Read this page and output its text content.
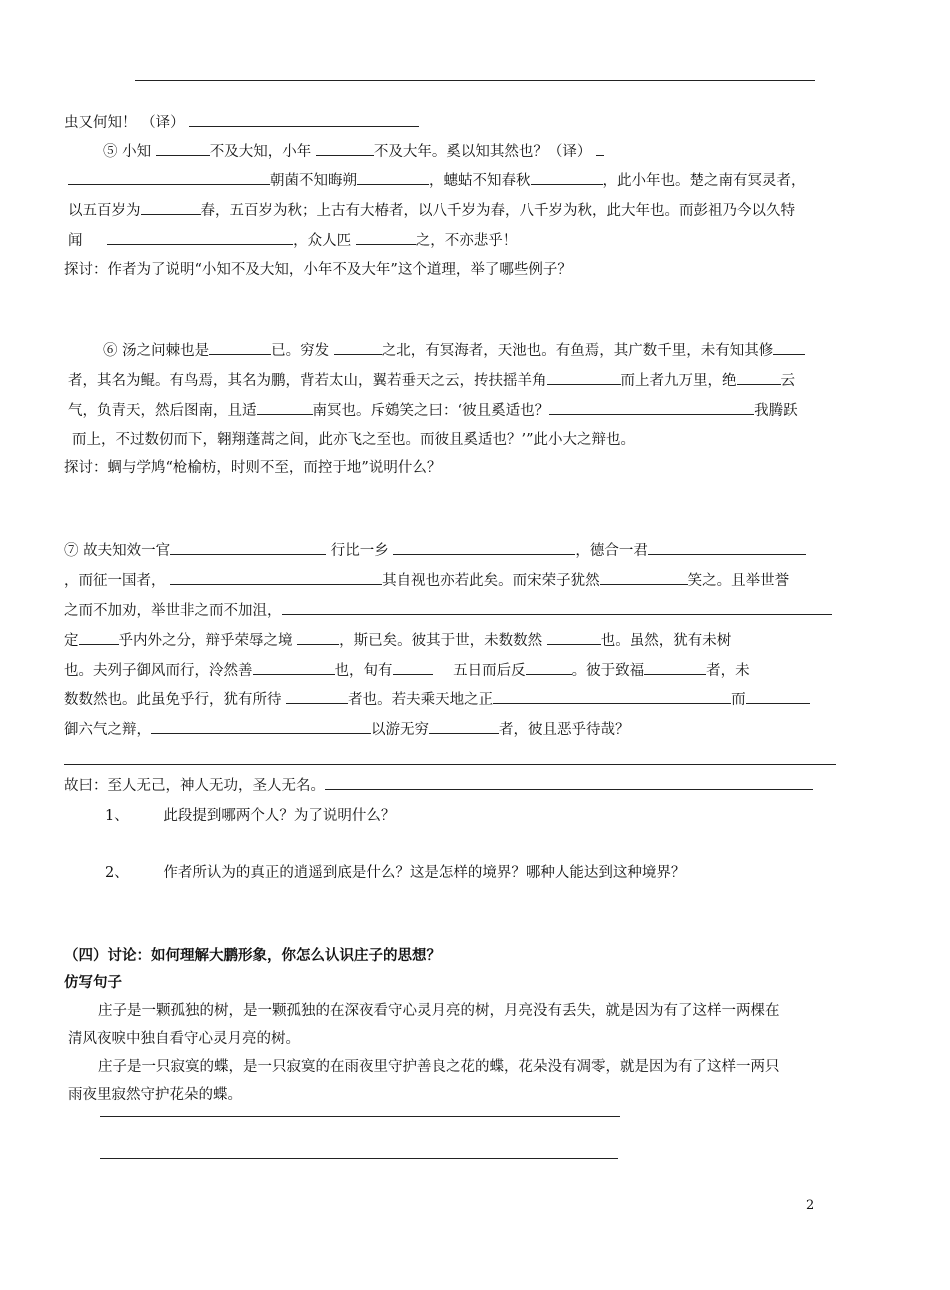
虫又何知！ （译）
⑤ 小知	不及大知，小年	不及大年。奚以知其然也？（译）
朝菌不知晦朔	，蟪蛄不知春秋	，此小年也。楚之南有冥灵者，
以五百岁为	春，五百岁为秋；上古有大椿者，以八千岁为春，八千岁为秋，此大年也。而彭祖乃今以久特
闻	，众人匹	之，不亦悲乎！
探讨：作者为了说明“小知不及大知，小年不及大年”这个道理，举了哪些例子？
⑥ 汤之问棘也是	已。穷发	之北，有冥海者，天池也。有鱼焉，其广数千里，未有知其修
者，其名为鲲。有鸟焉，其名为鹏，背若太山，翼若垂天之云，抟扶摇羊角	而上者九万里，绝	云
气，负青天，然后图南，且适	南冥也。斥鴳笑之曰：‘彼且奚适也？	我腾跃
而上，不过数仞而下，翱翔蓬蒿之间，此亦飞之至也。而彼且奚适也？’”此小大之辩也。
探讨：蜩与学鸠“枪榆枋，时则不至，而控于地”说明什么？
⑦ 故夫知效一官	行比一乡	，德合一君
，而征一国者，	其自视也亦若此矣。而宋荣子犹然	笑之。且举世誉
之而不加劝，举世非之而不加沮，
定	乎内外之分，辩乎荣辱之境	，斯已矣。彼其于世，未数数然	也。虽然，犹有未树
也。夫列子御风而行，泠然善	也，旬有	五日而后反	。彼于致福	者，未
数数然也。此虽免乎行，犹有所待	者也。若夫乘天地之正	而
御六气之辩，	以游无穷	者，彼且恶乎待哉？
故曰：至人无己，神人无功，圣人无名。
1、 此段提到哪两个人？为了说明什么？
2、 作者所认为的真正的逍遥到底是什么？这是怎样的境界？哪种人能达到这种境界？
（四）讨论：如何理解大鹏形象，你怎么认识庄子的思想？
仿写句子
庄子是一颗孤独的树，是一颗孤独的在深夜看守心灵月亮的树，月亮没有丢失，就是因为有了这样一两棵在
清风夜唳中独自看守心灵月亮的树。
庄子是一只寂寞的蝶，是一只寂寞的在雨夜里守护善良之花的蝶，花朵没有凋零，就是因为有了这样一两只
雨夜里寂然守护花朵的蝶。
2
